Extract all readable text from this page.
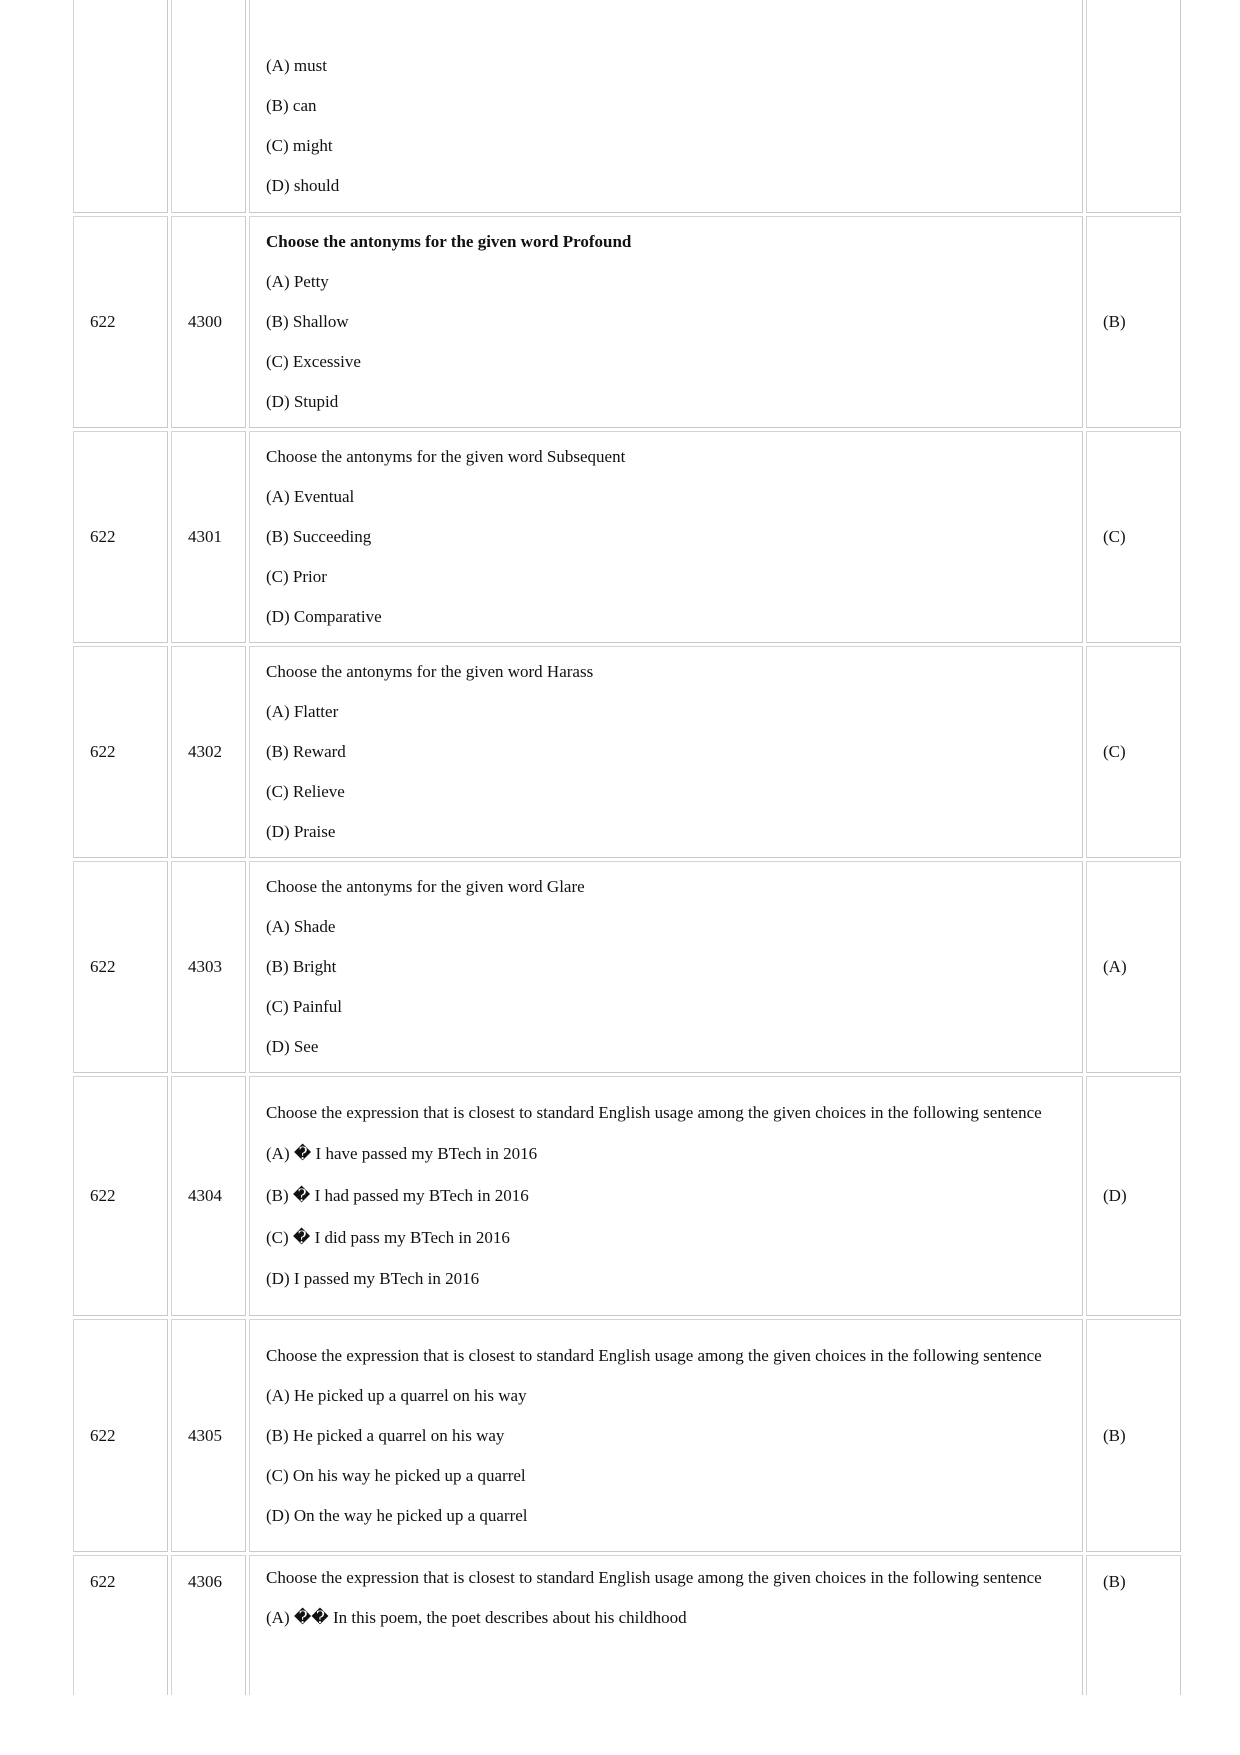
		(A) must

(B) can

(C) might

(D) should	

622	4300	Choose the antonyms for the given word Profound

(A) Petty

(B) Shallow

(C) Excessive

(D) Stupid	(B)
622	4301	Choose the antonyms for the given word Subsequent

(A) Eventual

(B) Succeeding

(C) Prior

(D) Comparative	(C)
622	4302	Choose the antonyms for the given word Harass

(A) Flatter

(B) Reward

(C) Relieve

(D) Praise	(C)
622	4303	Choose the antonyms for the given word Glare

(A) Shade

(B) Bright

(C) Painful

(D) See	(A)
622	4304	Choose the expression that is closest to standard English usage among the given choices in the following sentence

(A) � I have passed my BTech in 2016

(B) � I had passed my BTech in 2016

(C) � I did pass my BTech in 2016

(D) I passed my BTech in 2016	(D)
622	4305	Choose the expression that is closest to standard English usage among the given choices in the following sentence

(A) He picked up a quarrel on his way

(B) He picked a quarrel on his way

(C) On his way he picked up a quarrel

(D) On the way he picked up a quarrel	(B)
622	4306	Choose the expression that is closest to standard English usage among the given choices in the following sentence

(A) �� In this poem, the poet describes about his childhood	(B)
